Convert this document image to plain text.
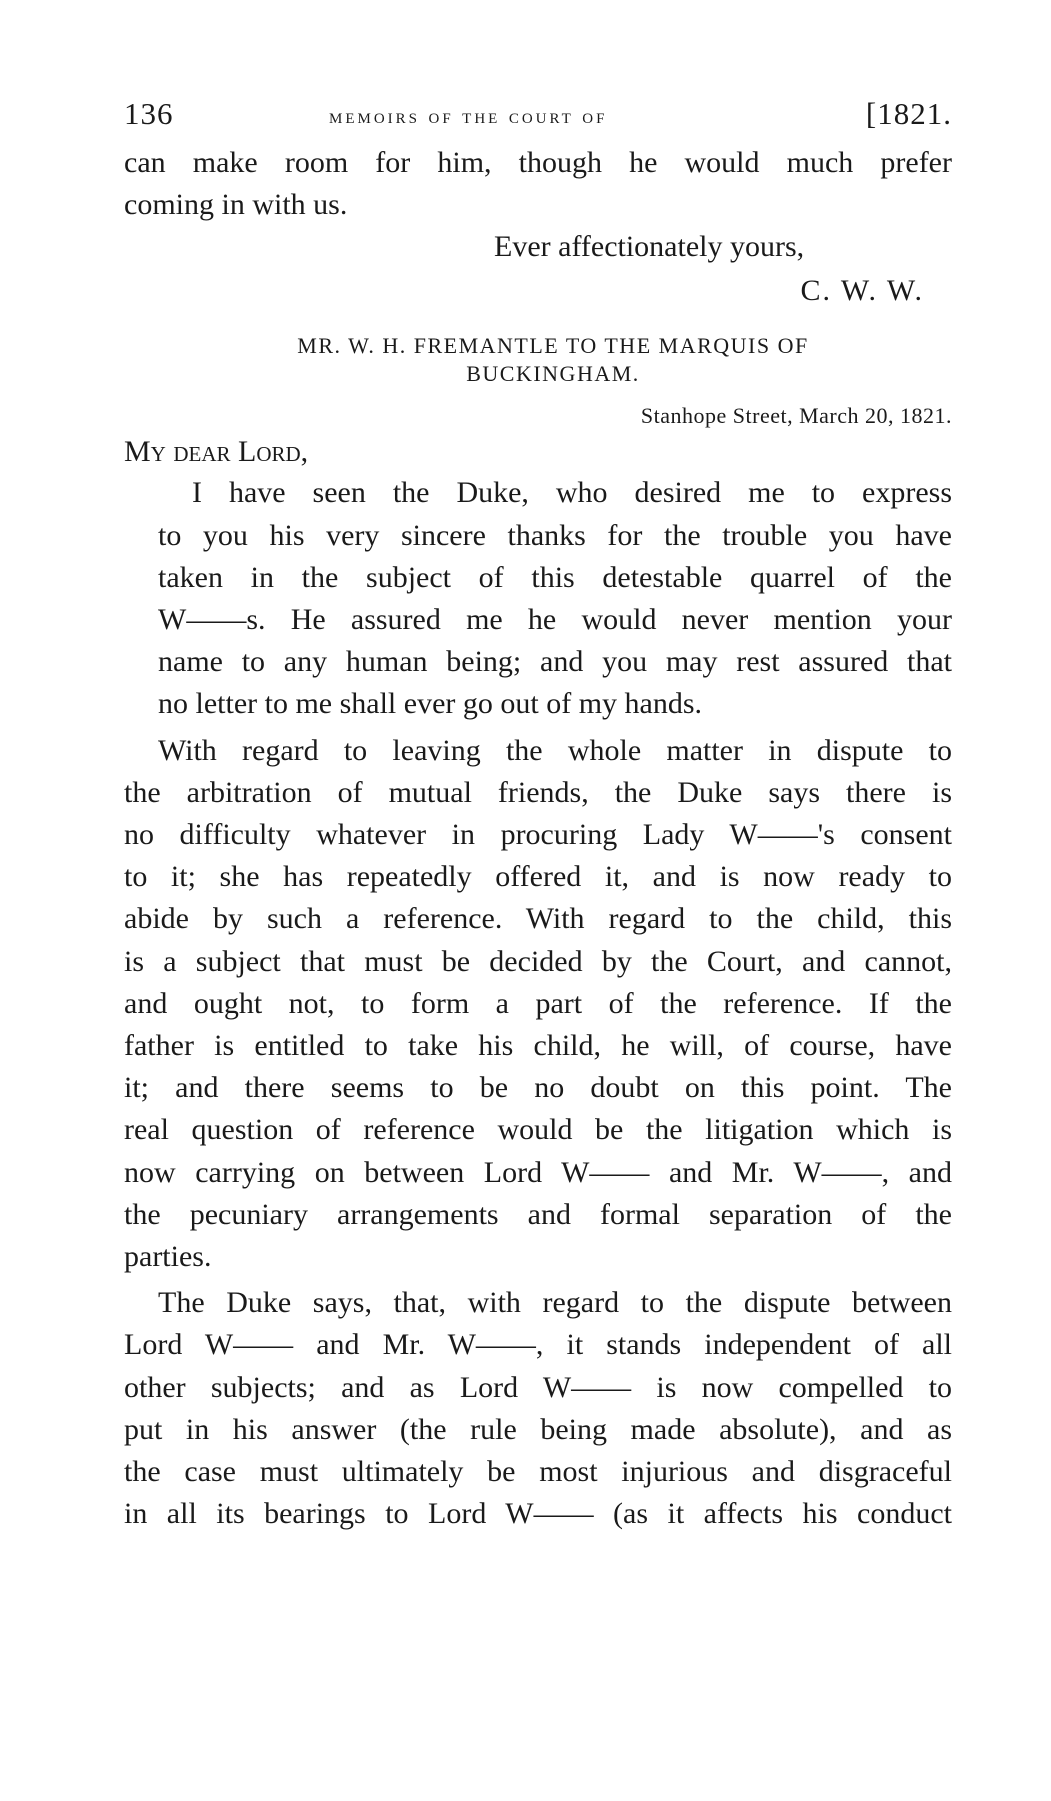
136	memoirs of the court of	[1821.

can make room for him, though he would much prefer
coming in with us.

Ever affectionately yours,

C. W. W.

MR. W. H. FREMANTLE TO THE MARQUIS OF
BUCKINGHAM.

Stanhope Street, March 20, 1821.

My dear Lord,

I have seen the Duke, who desired me to express
to you his very sincere thanks for the trouble you have
taken in the subject of this detestable quarrel of the
W——s. He assured me he would never mention your
name to any human being; and you may rest assured that
no letter to me shall ever go out of my hands.

With regard to leaving the whole matter in dispute to
the arbitration of mutual friends, the Duke says there is
no difficulty whatever in procuring Lady W——'s consent
to it; she has repeatedly offered it, and is now ready to
abide by such a reference. With regard to the child, this
is a subject that must be decided by the Court, and cannot,
and ought not, to form a part of the reference. If the
father is entitled to take his child, he will, of course, have
it; and there seems to be no doubt on this point. The
real question of reference would be the litigation which is
now carrying on between Lord W—— and Mr. W——, and
the pecuniary arrangements and formal separation of the
parties.

The Duke says, that, with regard to the dispute between
Lord W—— and Mr. W——, it stands independent of all
other subjects; and as Lord W—— is now compelled to
put in his answer (the rule being made absolute), and as
the case must ultimately be most injurious and disgraceful
in all its bearings to Lord W—— (as it affects his conduct
